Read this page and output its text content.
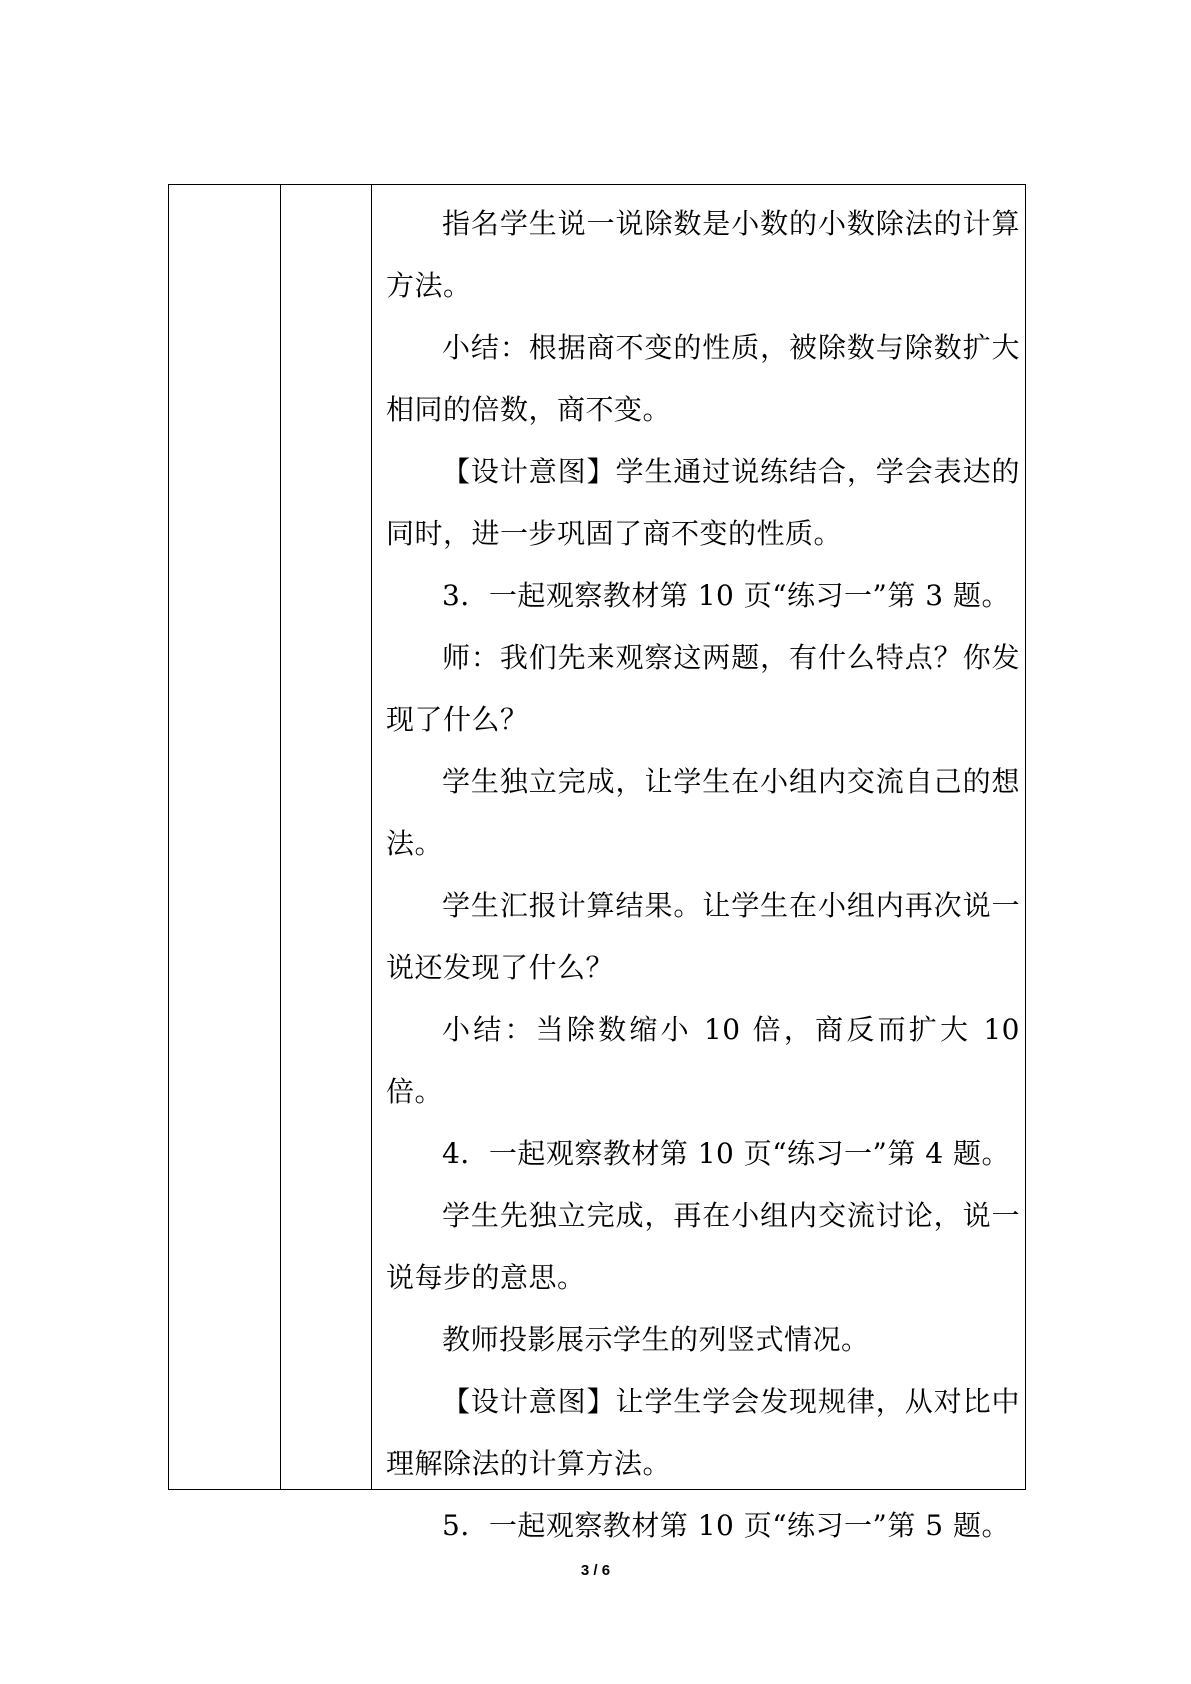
指名学生说一说除数是小数的小数除法的计算方法。

小结：根据商不变的性质，被除数与除数扩大相同的倍数，商不变。

【设计意图】学生通过说练结合，学会表达的同时，进一步巩固了商不变的性质。

3．一起观察教材第 10 页“练习一”第 3 题。

师：我们先来观察这两题，有什么特点？你发现了什么？

学生独立完成，让学生在小组内交流自己的想法。

学生汇报计算结果。让学生在小组内再次说一说还发现了什么？

小结：当除数缩小 10 倍，商反而扩大 10 倍。

4．一起观察教材第 10 页“练习一”第 4 题。

学生先独立完成，再在小组内交流讨论，说一说每步的意思。

教师投影展示学生的列竖式情况。

【设计意图】让学生学会发现规律，从对比中理解除法的计算方法。

5．一起观察教材第 10 页“练习一”第 5 题。

3 / 6
